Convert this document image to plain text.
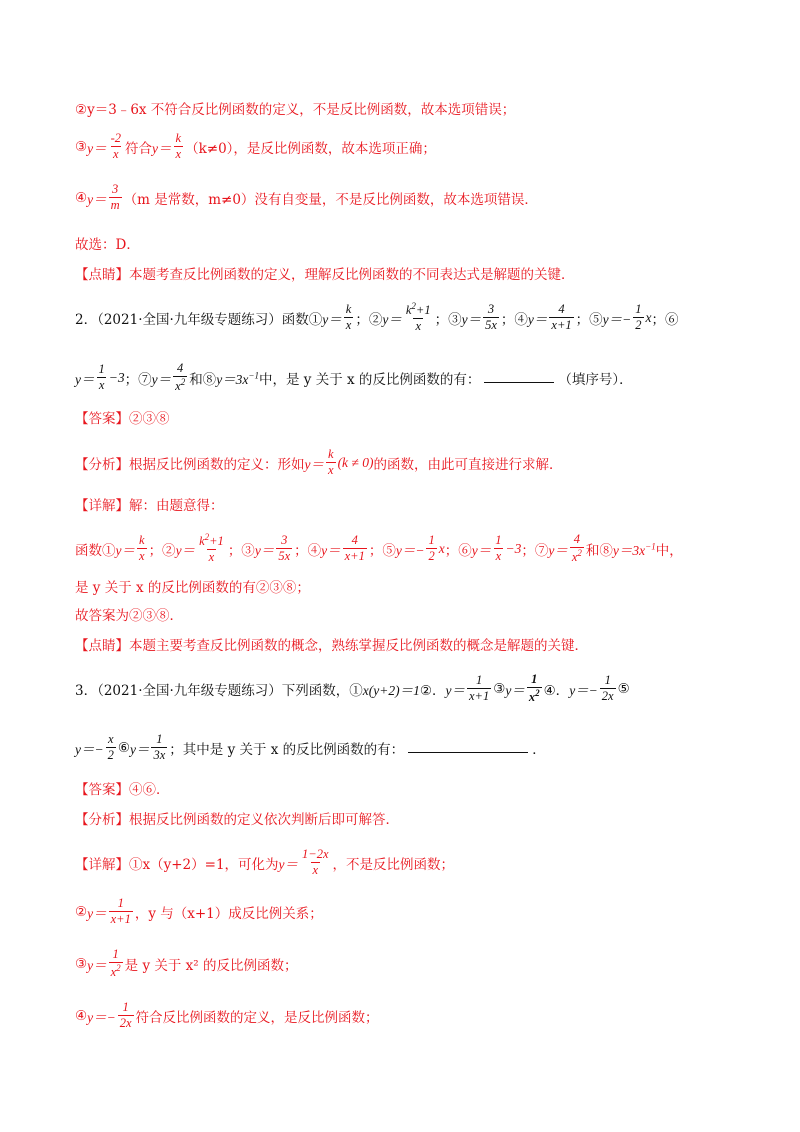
②y＝3﹣6x 不符合反比例函数的定义，不是反比例函数，故本选项错误；
③ $y= \frac{-2}{x}$ 符合 $y= \frac{k}{x} (k\ne 0)$，是反比例函数，故本选项正确；
④ $y= \frac{3}{m} (m$ 是常数，m≠0）没有自变量，不是反比例函数，故本选项错误．
故选：D．
【点睛】本题考查反比例函数的定义，理解反比例函数的不同表达式是解题的关键．
2．（2021·全国·九年级专题练习）函数① $y= \frac{k}{x}$ ；② $y= \frac{k^2+1}{x}$ ；③ $y= \frac{3}{5x}$ ；④ $y= \frac{4}{x+1}$ ；⑤ $y=- \frac{1}{2}$ x ；⑥
$y= \frac{1}{x} -3$ ；⑦ $y= \frac{4}{x^2}$ 和⑧ $y=3x^{-1}$ 中，是 y 关于 x 的反比例函数的有：	（填序号）．
【答案】②③⑧
【分析】根据反比例函数的定义：形如 $y= \frac{k}{x} (k \ne 0)$ 的函数，由此可直接进行求解．
【详解】解：由题意得：
函数① $y= \frac{k}{x}$ ；② $y= \frac{k^2+1}{x}$ ；③ $y= \frac{3}{5x}$ ；④ $y= \frac{4}{x+1}$ ；⑤ $y=- \frac{1}{2}$ x ；⑥ $y= \frac{1}{x} -3$ ；⑦ $y= \frac{4}{x^2}$ 和⑧ $y=3x^{-1}$ 中，
是 y 关于 x 的反比例函数的有②③⑧；
故答案为②③⑧．
【点睛】本题主要考查反比例函数的概念，熟练掌握反比例函数的概念是解题的关键．
3．（2021·全国·九年级专题练习）下列函数，① x(y+2)＝1 ②． $y= \frac{1}{x+1}$ ③ $y= \frac{1}{x^2}$ ④． $y=- \frac{1}{2x}$ ⑤
$y=- \frac{x}{2}$ ⑥ $y= \frac{1}{3x}$ ；其中是 y 关于 x 的反比例函数的有：	．
【答案】④⑥．
【分析】根据反比例函数的定义依次判断后即可解答．
【详解】①x（y+2）=1，可化为 $y= \frac{1-2x}{x}$ ，不是反比例函数；
② $y= \frac{1}{x+1}$ ，y 与（x+1）成反比例关系；
③ $y= \frac{1}{x^2}$ 是 y 关于 x² 的反比例函数；
④ $y=- \frac{1}{2x}$ 符合反比例函数的定义，是反比例函数；
